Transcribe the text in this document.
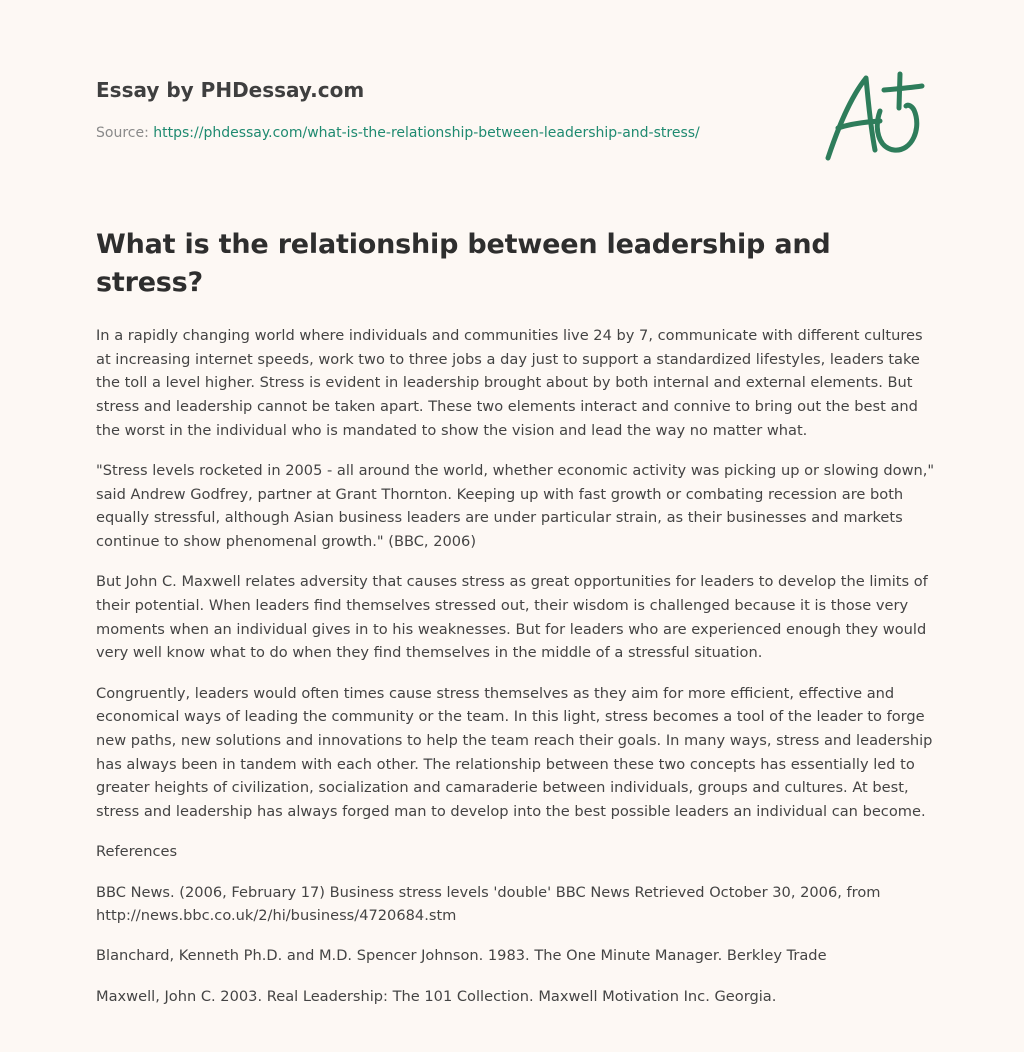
Essay by PHDessay.com
Source: https://phdessay.com/what-is-the-relationship-between-leadership-and-stress/
What is the relationship between leadership and stress?

In a rapidly changing world where individuals and communities live 24 by 7, communicate with different cultures at increasing internet speeds, work two to three jobs a day just to support a standardized lifestyles, leaders take the toll a level higher. Stress is evident in leadership brought about by both internal and external elements. But stress and leadership cannot be taken apart. These two elements interact and connive to bring out the best and the worst in the individual who is mandated to show the vision and lead the way no matter what.

"Stress levels rocketed in 2005 - all around the world, whether economic activity was picking up or slowing down," said Andrew Godfrey, partner at Grant Thornton. Keeping up with fast growth or combating recession are both equally stressful, although Asian business leaders are under particular strain, as their businesses and markets continue to show phenomenal growth." (BBC, 2006)

But John C. Maxwell relates adversity that causes stress as great opportunities for leaders to develop the limits of their potential. When leaders find themselves stressed out, their wisdom is challenged because it is those very moments when an individual gives in to his weaknesses. But for leaders who are experienced enough they would very well know what to do when they find themselves in the middle of a stressful situation.

Congruently, leaders would often times cause stress themselves as they aim for more efficient, effective and economical ways of leading the community or the team. In this light, stress becomes a tool of the leader to forge new paths, new solutions and innovations to help the team reach their goals. In many ways, stress and leadership has always been in tandem with each other. The relationship between these two concepts has essentially led to greater heights of civilization, socialization and camaraderie between individuals, groups and cultures. At best, stress and leadership has always forged man to develop into the best possible leaders an individual can become.

References

BBC News. (2006, February 17) Business stress levels 'double' BBC News Retrieved October 30, 2006, from http://news.bbc.co.uk/2/hi/business/4720684.stm

Blanchard, Kenneth Ph.D. and M.D. Spencer Johnson. 1983. The One Minute Manager. Berkley Trade

Maxwell, John C. 2003. Real Leadership: The 101 Collection. Maxwell Motivation Inc. Georgia.
